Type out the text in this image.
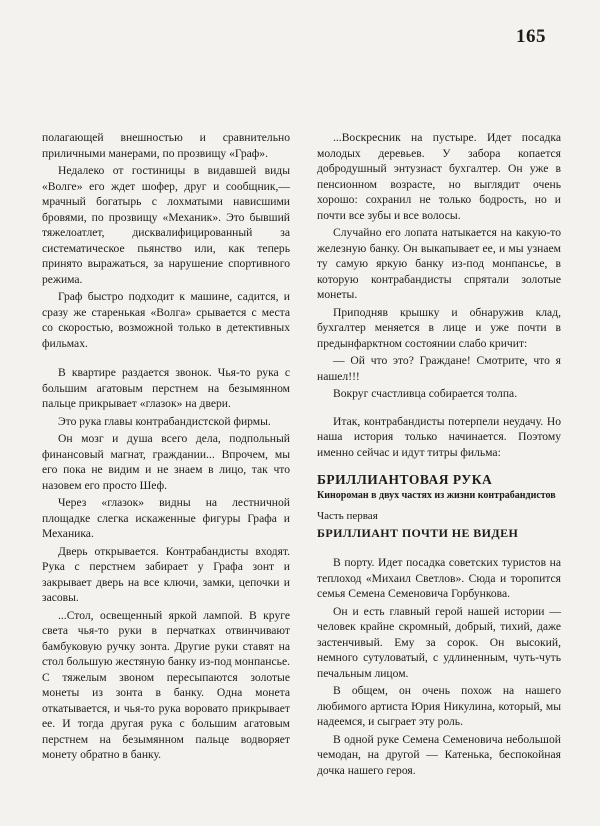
165

полагающей внешностью и сравнительно приличными манерами, по прозвищу «Граф».

Недалеко от гостиницы в видавшей виды «Волге» его ждет шофер, друг и сообщник,— мрачный богатырь с лохматыми нависшими бровями, по прозвищу «Механик». Это бывший тяжелоатлет, дисквалифицированный за систематическое пьянство или, как теперь принято выражаться, за нарушение спортивного режима.

Граф быстро подходит к машине, садится, и сразу же старенькая «Волга» срывается с места со скоростью, возможной только в детективных фильмах.

В квартире раздается звонок. Чья-то рука с большим агатовым перстнем на безымянном пальце прикрывает «глазок» на двери.

Это рука главы контрабандистской фирмы.

Он мозг и душа всего дела, подпольный финансовый магнат, граждании... Впрочем, мы его пока не видим и не знаем в лицо, так что назовем его просто Шеф.

Через «глазок» видны на лестничной площадке слегка искаженные фигуры Графа и Механика.

Дверь открывается. Контрабандисты входят. Рука с перстнем забирает у Графа зонт и закрывает дверь на все ключи, замки, цепочки и засовы.

...Стол, освещенный яркой лампой. В круге света чья-то руки в перчатках отвинчивают бамбуковую ручку зонта. Другие руки ставят на стол большую жестяную банку из-под монпансье. С тяжелым звоном пересыпаются золотые монеты из зонта в банку. Одна монета откатывается, и чья-то рука воровато прикрывает ее. И тогда другая рука с большим агатовым перстнем на безымянном пальце водворяет монету обратно в банку.

...Воскресник на пустыре. Идет посадка молодых деревьев. У забора копается добродушный энтузиаст бухгалтер. Он уже в пенсионном возрасте, но выглядит очень хорошо: сохранил не только бодрость, но и почти все зубы и все волосы.

Случайно его лопата натыкается на какую-то железную банку. Он выкапывает ее, и мы узнаем ту самую яркую банку из-под монпансье, в которую контрабандисты спрятали золотые монеты.

Приподняв крышку и обнаружив клад, бухгалтер меняется в лице и уже почти в предынфарктном состоянии слабо кричит:

— Ой что это? Граждане! Смотрите, что я нашел!!!

Вокруг счастливца собирается толпа.

Итак, контрабандисты потерпели неудачу. Но наша история только начинается. Поэтому именно сейчас и идут титры фильма:

БРИЛЛИАНТОВАЯ РУКА
Кинороман в двух частях из жизни контрабандистов
Часть первая
БРИЛЛИАНТ ПОЧТИ НЕ ВИДЕН

В порту. Идет посадка советских туристов на теплоход «Михаил Светлов». Сюда и торопится семья Семена Семеновича Горбункова.

Он и есть главный герой нашей истории — человек крайне скромный, добрый, тихий, даже застенчивый. Ему за сорок. Он высокий, немного сутуловатый, с удлиненным, чуть-чуть печальным лицом.

В общем, он очень похож на нашего любимого артиста Юрия Никулина, который, мы надеемся, и сыграет эту роль.

В одной руке Семена Семеновича небольшой чемодан, на другой — Катенька, беспокойная дочка нашего героя.
